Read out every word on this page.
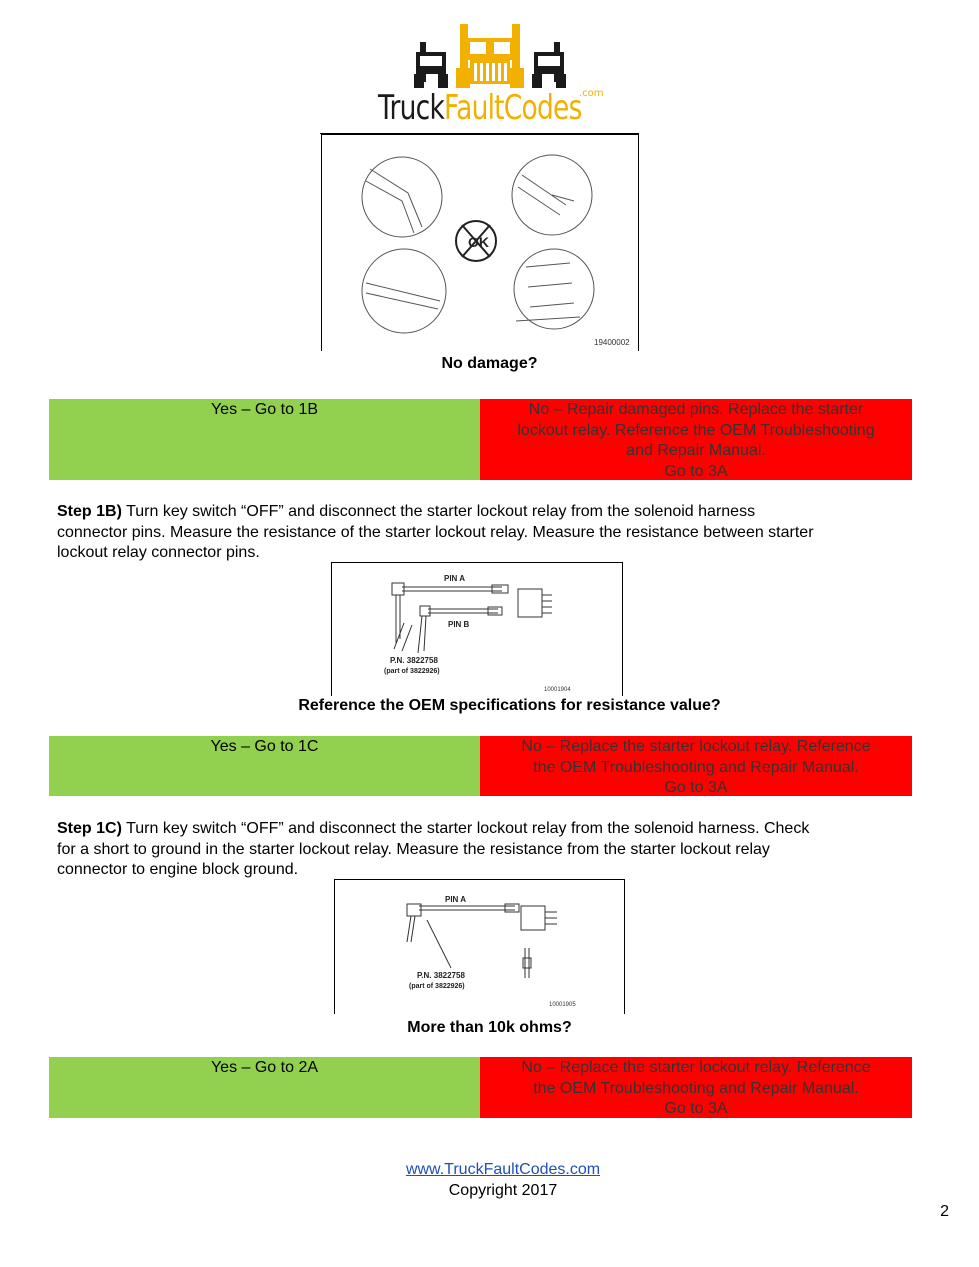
TruckFaultCodes
.com
OK
19400002
No damage?
Yes – Go to 1B	No – Repair damaged pins. Replace the starter
lockout relay. Reference the OEM Troubleshooting
and Repair Manual.
Go to 3A
Step 1B) Turn key switch “OFF” and disconnect the starter lockout relay from the solenoid harness
connector pins. Measure the resistance of the starter lockout relay. Measure the resistance between starter
lockout relay connector pins.
PIN A
PIN B
P.N. 3822758
(part of 3822926)
10001904
Reference the OEM specifications for resistance value?
Yes – Go to 1C	No – Replace the starter lockout relay. Reference
the OEM Troubleshooting and Repair Manual.
Go to 3A
Step 1C) Turn key switch “OFF” and disconnect the starter lockout relay from the solenoid harness. Check
for a short to ground in the starter lockout relay. Measure the resistance from the starter lockout relay
connector to engine block ground.
PIN A
P.N. 3822758
(part of 3822926)
10001905
More than 10k ohms?
Yes – Go to 2A	No – Replace the starter lockout relay. Reference
the OEM Troubleshooting and Repair Manual.
Go to 3A
www.TruckFaultCodes.com
Copyright 2017
2
